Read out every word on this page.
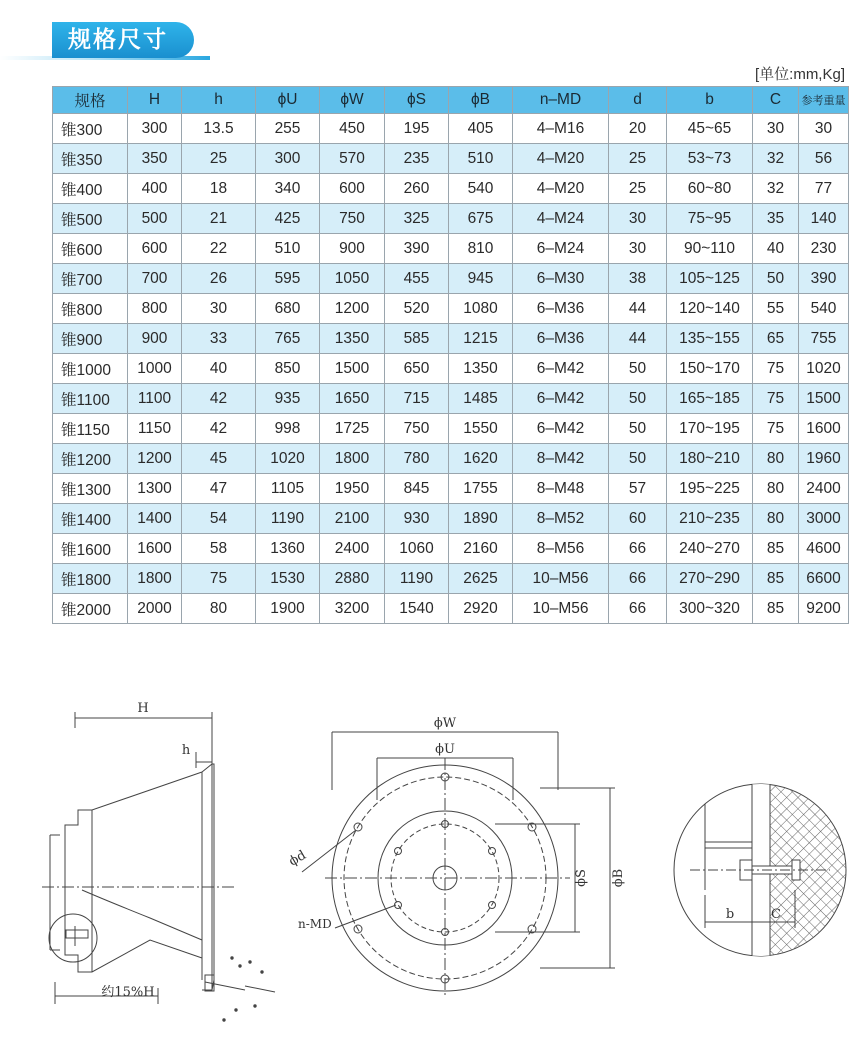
规格尺寸
[单位:mm,Kg]
规格	H	h	ϕU	ϕW	ϕS	ϕB	n–MD	d	b	C	参考重量
锥300	300	13.5	255	450	195	405	4–M16	20	45~65	30	30
锥350	350	25	300	570	235	510	4–M20	25	53~73	32	56
锥400	400	18	340	600	260	540	4–M20	25	60~80	32	77
锥500	500	21	425	750	325	675	4–M24	30	75~95	35	140
锥600	600	22	510	900	390	810	6–M24	30	90~110	40	230
锥700	700	26	595	1050	455	945	6–M30	38	105~125	50	390
锥800	800	30	680	1200	520	1080	6–M36	44	120~140	55	540
锥900	900	33	765	1350	585	1215	6–M36	44	135~155	65	755
锥1000	1000	40	850	1500	650	1350	6–M42	50	150~170	75	1020
锥1100	1100	42	935	1650	715	1485	6–M42	50	165~185	75	1500
锥1150	1150	42	998	1725	750	1550	6–M42	50	170~195	75	1600
锥1200	1200	45	1020	1800	780	1620	8–M42	50	180~210	80	1960
锥1300	1300	47	1105	1950	845	1755	8–M48	57	195~225	80	2400
锥1400	1400	54	1190	2100	930	1890	8–M52	60	210~235	80	3000
锥1600	1600	58	1360	2400	1060	2160	8–M56	66	240~270	85	4600
锥1800	1800	75	1530	2880	1190	2625	10–M56	66	270~290	85	6600
锥2000	2000	80	1900	3200	1540	2920	10–M56	66	300~320	85	9200
H
h
约15%H
ϕW
ϕU
ϕd
n-MD
ϕS ϕB
b	C
